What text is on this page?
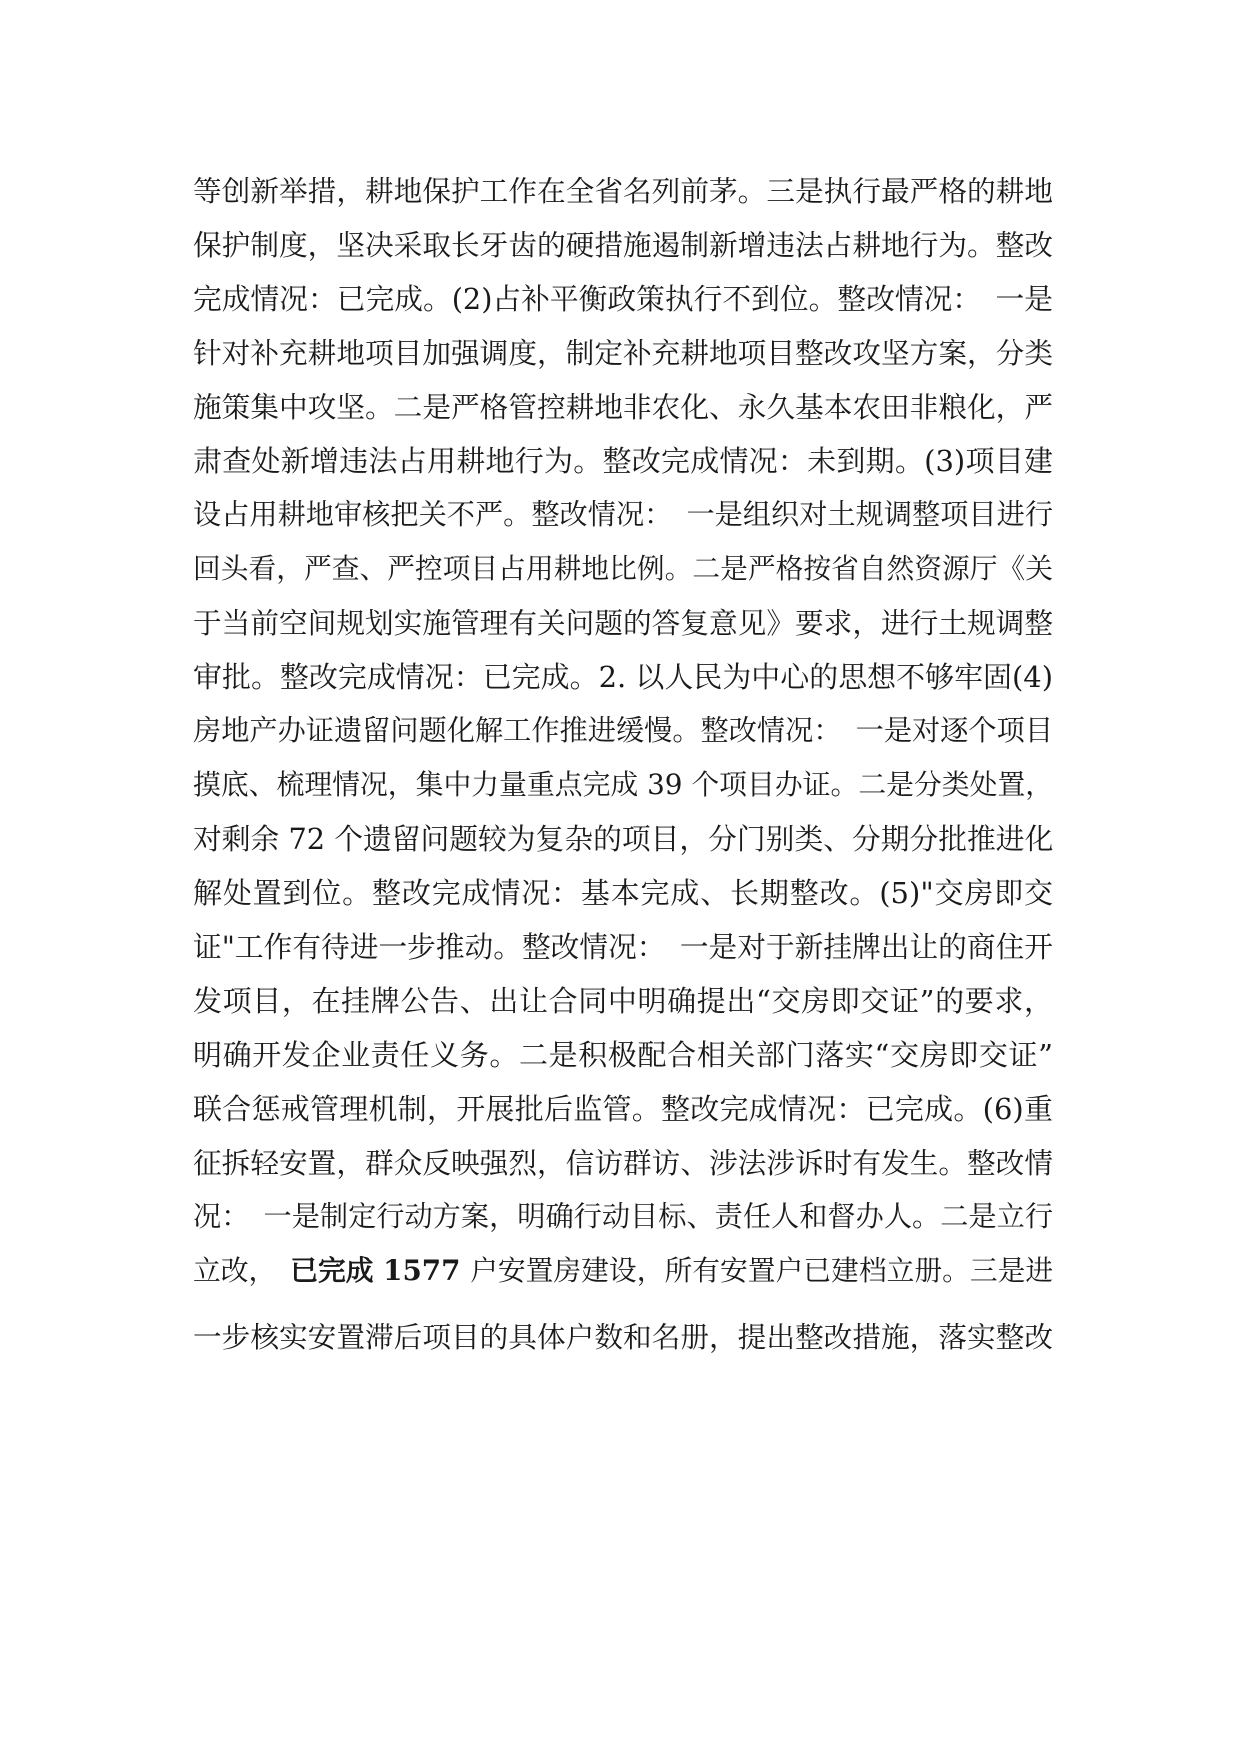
等创新举措，耕地保护工作在全省名列前茅。三是执行最严格的耕地
保护制度，坚决采取长牙齿的硬措施遏制新增违法占耕地行为。整改
完成情况：已完成。(2)占补平衡政策执行不到位。整改情况：　一是
针对补充耕地项目加强调度，制定补充耕地项目整改攻坚方案，分类
施策集中攻坚。二是严格管控耕地非农化、永久基本农田非粮化，严
肃查处新增违法占用耕地行为。整改完成情况：未到期。(3)项目建
设占用耕地审核把关不严。整改情况：　一是组织对土规调整项目进行
回头看，严查、严控项目占用耕地比例。二是严格按省自然资源厅《关
于当前空间规划实施管理有关问题的答复意见》要求，进行土规调整
审批。整改完成情况：已完成。2. 以人民为中心的思想不够牢固(4)
房地产办证遗留问题化解工作推进缓慢。整改情况：　一是对逐个项目
摸底、梳理情况，集中力量重点完成 39 个项目办证。二是分类处置，
对剩余 72 个遗留问题较为复杂的项目，分门别类、分期分批推进化
解处置到位。整改完成情况：基本完成、长期整改。(5)"交房即交
证"工作有待进一步推动。整改情况：　一是对于新挂牌出让的商住开
发项目，在挂牌公告、出让合同中明确提出“交房即交证”的要求，
明确开发企业责任义务。二是积极配合相关部门落实“交房即交证”
联合惩戒管理机制，开展批后监管。整改完成情况：已完成。(6)重
征拆轻安置，群众反映强烈，信访群访、涉法涉诉时有发生。整改情
况：　一是制定行动方案，明确行动目标、责任人和督办人。二是立行
立改，　已完成 1577 户安置房建设，所有安置户已建档立册。三是进
一步核实安置滞后项目的具体户数和名册，提出整改措施，落实整改
